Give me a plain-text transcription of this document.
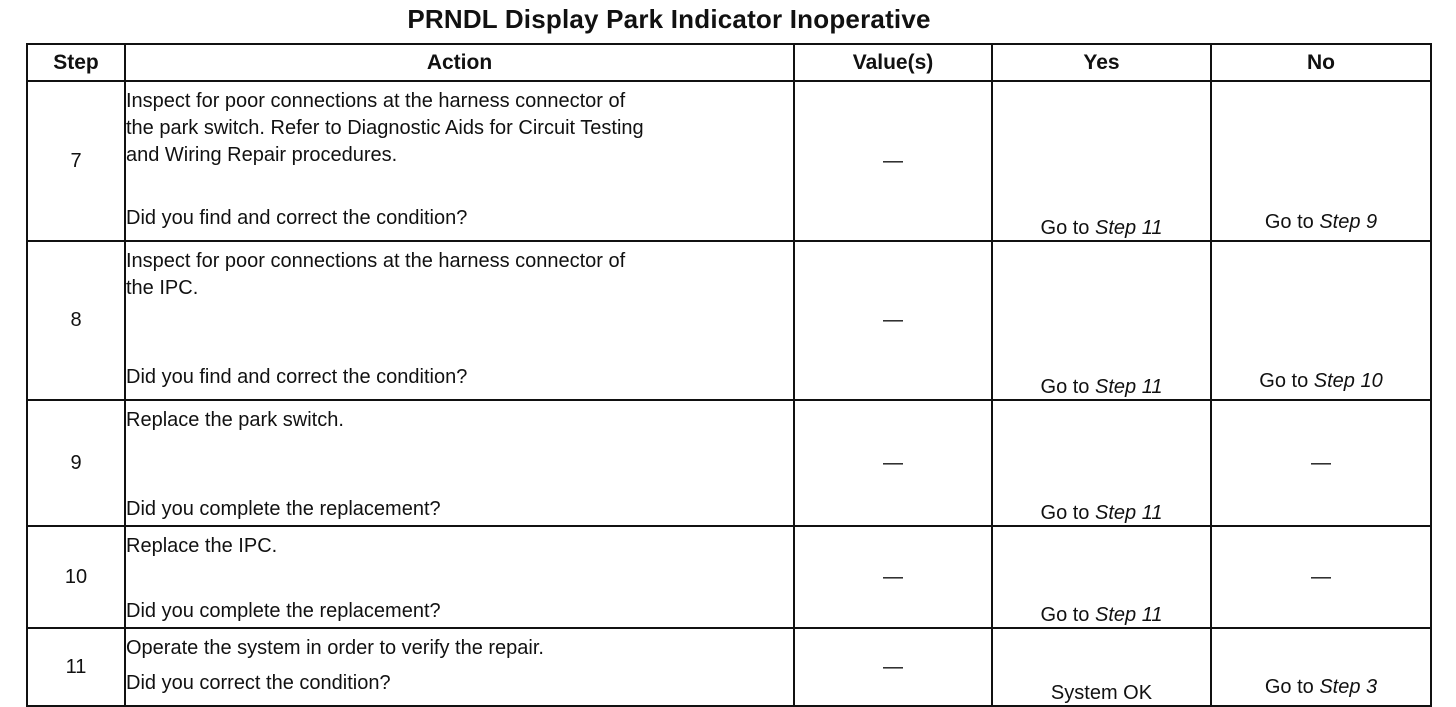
PRNDL Display Park Indicator Inoperative
Step	Action	Value(s)	Yes	No
7	Inspect for poor connections at the harness connector of
the park switch. Refer to Diagnostic Aids for Circuit Testing
and Wiring Repair procedures.
Did you find and correct the condition?	—	Go to Step 11	Go to Step 9
8	Inspect for poor connections at the harness connector of
the IPC.
Did you find and correct the condition?	—	Go to Step 11	Go to Step 10
9	Replace the park switch.
Did you complete the replacement?	—	Go to Step 11	—
10	Replace the IPC.
Did you complete the replacement?	—	Go to Step 11	—
11	Operate the system in order to verify the repair.
Did you correct the condition?	—	System OK	Go to Step 3
